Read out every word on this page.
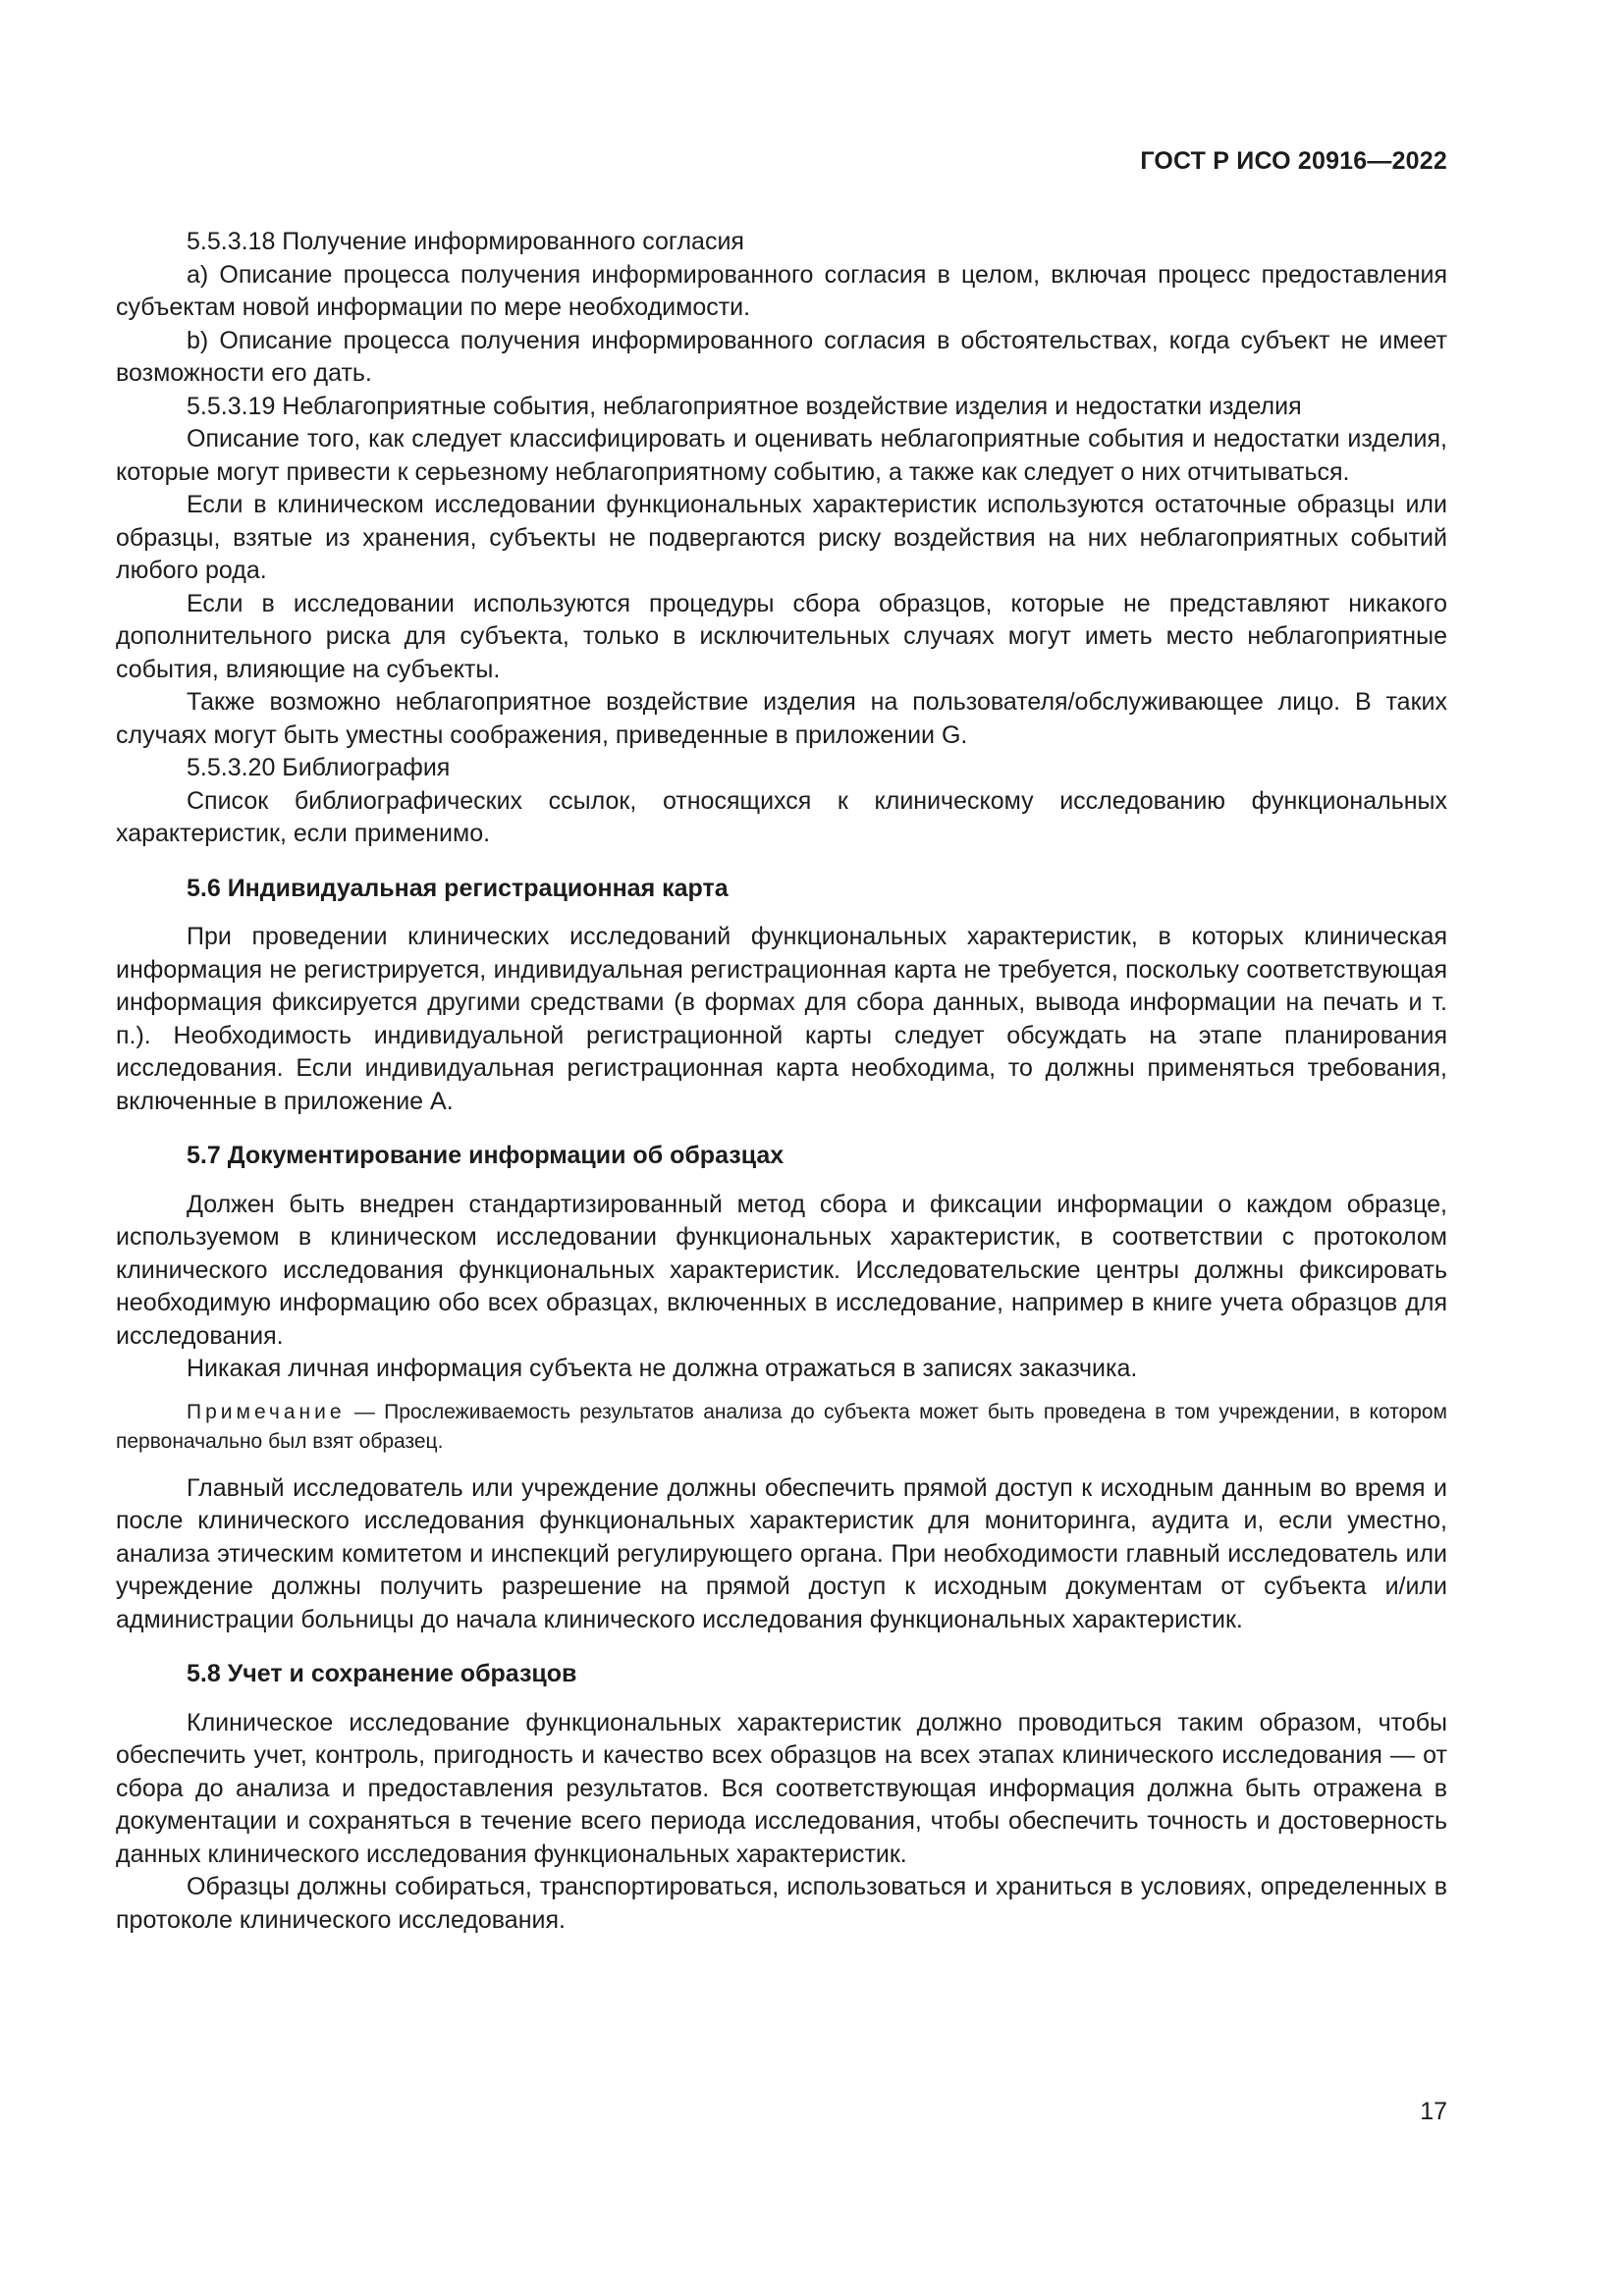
ГОСТ Р ИСО 20916—2022

5.5.3.18 Получение информированного согласия

a) Описание процесса получения информированного согласия в целом, включая процесс предоставления субъектам новой информации по мере необходимости.

b) Описание процесса получения информированного согласия в обстоятельствах, когда субъект не имеет возможности его дать.

5.5.3.19 Неблагоприятные события, неблагоприятное воздействие изделия и недостатки изделия

Описание того, как следует классифицировать и оценивать неблагоприятные события и недостатки изделия, которые могут привести к серьезному неблагоприятному событию, а также как следует о них отчитываться.

Если в клиническом исследовании функциональных характеристик используются остаточные образцы или образцы, взятые из хранения, субъекты не подвергаются риску воздействия на них неблагоприятных событий любого рода.

Если в исследовании используются процедуры сбора образцов, которые не представляют никакого дополнительного риска для субъекта, только в исключительных случаях могут иметь место неблагоприятные события, влияющие на субъекты.

Также возможно неблагоприятное воздействие изделия на пользователя/обслуживающее лицо. В таких случаях могут быть уместны соображения, приведенные в приложении G.

5.5.3.20 Библиография

Список библиографических ссылок, относящихся к клиническому исследованию функциональных характеристик, если применимо.

5.6 Индивидуальная регистрационная карта

При проведении клинических исследований функциональных характеристик, в которых клиническая информация не регистрируется, индивидуальная регистрационная карта не требуется, поскольку соответствующая информация фиксируется другими средствами (в формах для сбора данных, вывода информации на печать и т. п.). Необходимость индивидуальной регистрационной карты следует обсуждать на этапе планирования исследования. Если индивидуальная регистрационная карта необходима, то должны применяться требования, включенные в приложение A.

5.7 Документирование информации об образцах

Должен быть внедрен стандартизированный метод сбора и фиксации информации о каждом образце, используемом в клиническом исследовании функциональных характеристик, в соответствии с протоколом клинического исследования функциональных характеристик. Исследовательские центры должны фиксировать необходимую информацию обо всех образцах, включенных в исследование, например в книге учета образцов для исследования.

Никакая личная информация субъекта не должна отражаться в записях заказчика.

Примечание — Прослеживаемость результатов анализа до субъекта может быть проведена в том учреждении, в котором первоначально был взят образец.

Главный исследователь или учреждение должны обеспечить прямой доступ к исходным данным во время и после клинического исследования функциональных характеристик для мониторинга, аудита и, если уместно, анализа этическим комитетом и инспекций регулирующего органа. При необходимости главный исследователь или учреждение должны получить разрешение на прямой доступ к исходным документам от субъекта и/или администрации больницы до начала клинического исследования функциональных характеристик.

5.8 Учет и сохранение образцов

Клиническое исследование функциональных характеристик должно проводиться таким образом, чтобы обеспечить учет, контроль, пригодность и качество всех образцов на всех этапах клинического исследования — от сбора до анализа и предоставления результатов. Вся соответствующая информация должна быть отражена в документации и сохраняться в течение всего периода исследования, чтобы обеспечить точность и достоверность данных клинического исследования функциональных характеристик.

Образцы должны собираться, транспортироваться, использоваться и храниться в условиях, определенных в протоколе клинического исследования.

17
